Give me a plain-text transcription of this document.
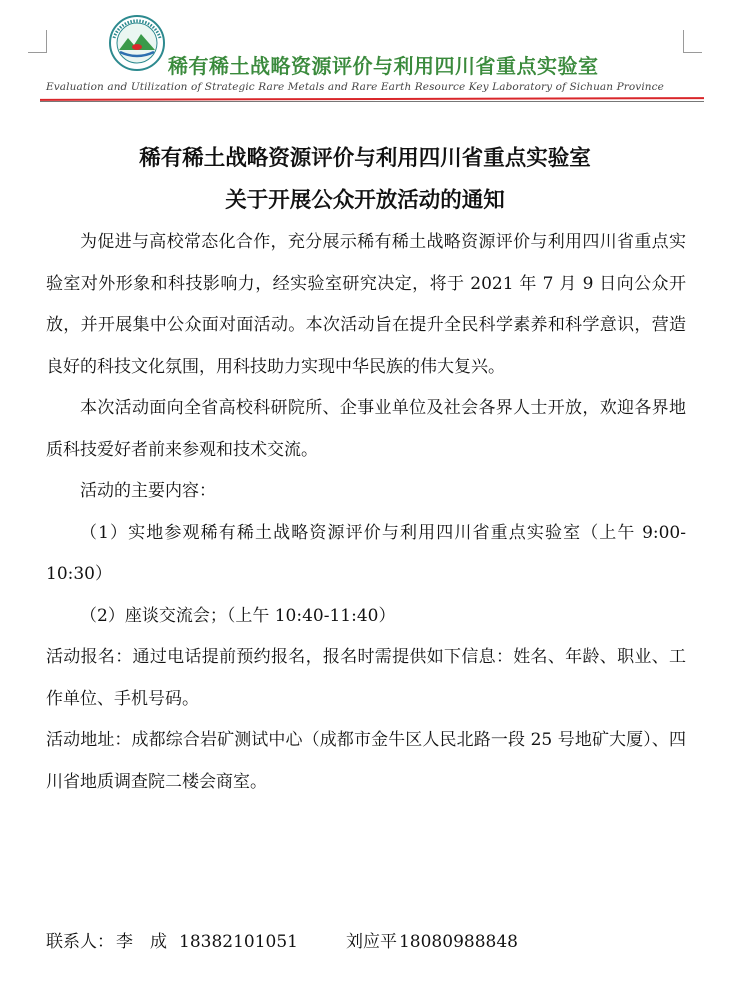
稀有稀土战略资源评价与利用四川省重点实验室
Evaluation and Utilization of Strategic Rare Metals and Rare Earth Resource Key Laboratory of Sichuan Province
稀有稀土战略资源评价与利用四川省重点实验室
关于开展公众开放活动的通知

为促进与高校常态化合作，充分展示稀有稀土战略资源评价与利用四川省重点实验室对外形象和科技影响力，经实验室研究决定，将于 2021 年 7 月 9 日向公众开放，并开展集中公众面对面活动。本次活动旨在提升全民科学素养和科学意识，营造良好的科技文化氛围，用科技助力实现中华民族的伟大复兴。

本次活动面向全省高校科研院所、企事业单位及社会各界人士开放，欢迎各界地质科技爱好者前来参观和技术交流。

活动的主要内容：

（1）实地参观稀有稀土战略资源评价与利用四川省重点实验室（上午 9:00-10:30）

（2）座谈交流会；（上午 10:40-11:40）

活动报名：通过电话提前预约报名，报名时需提供如下信息：姓名、年龄、职业、工作单位、手机号码。

活动地址：成都综合岩矿测试中心（成都市金牛区人民北路一段 25 号地矿大厦）、四川省地质调查院二楼会商室。

联系人： 李　成 18382101051	刘应平 18080988848
